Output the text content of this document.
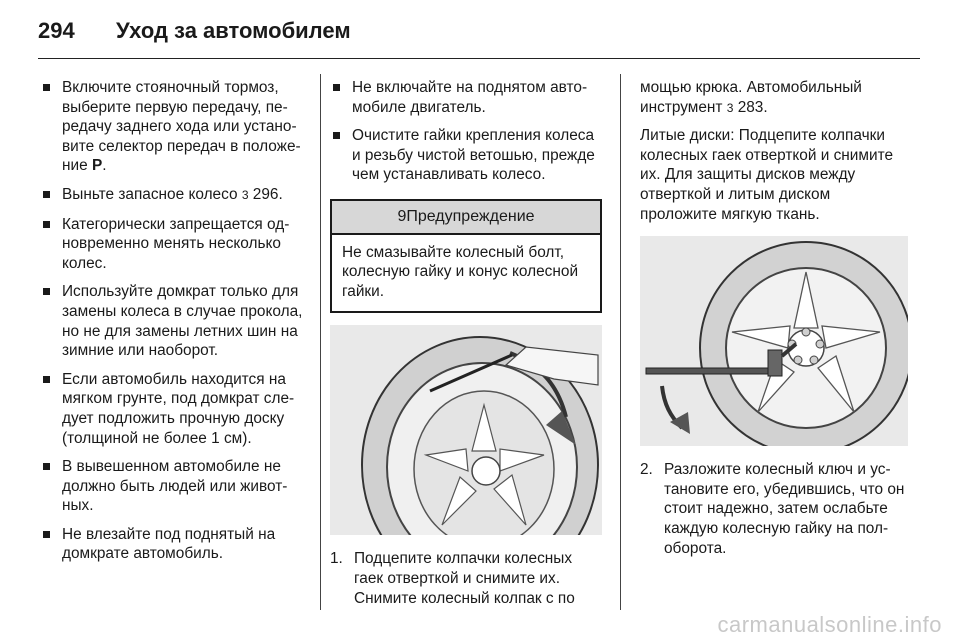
294 Уход за автомобилем
Включите стояночный тормоз, выберите первую передачу, передачу заднего хода или установите селектор передач в положение P.
Выньте запасное колесо 3 296.
Категорически запрещается одновременно менять несколько колес.
Используйте домкрат только для замены колеса в случае прокола, но не для замены летних шин на зимние или наоборот.
Если автомобиль находится на мягком грунте, под домкрат следует подложить прочную доску (толщиной не более 1 см).
В вывешенном автомобиле не должно быть людей или животных.
Не влезайте под поднятый на домкрате автомобиль.
Не включайте на поднятом автомобиле двигатель.
Очистите гайки крепления колеса и резьбу чистой ветошью, прежде чем устанавливать колесо.
9Предупреждение
Не смазывайте колесный болт, колесную гайку и конус колесной гайки.
1. Подцепите колпачки колесных гаек отверткой и снимите их. Снимите колесный колпак с по

мощью крюка. Автомобильный инструмент 3 283.

Литые диски: Подцепите колпачки колесных гаек отверткой и снимите их. Для защиты дисков между отверткой и литым диском проложите мягкую ткань.

2. Разложите колесный ключ и установите его, убедившись, что он стоит надежно, затем ослабьте каждую колесную гайку на пол-оборота.
carmanualsonline.info
